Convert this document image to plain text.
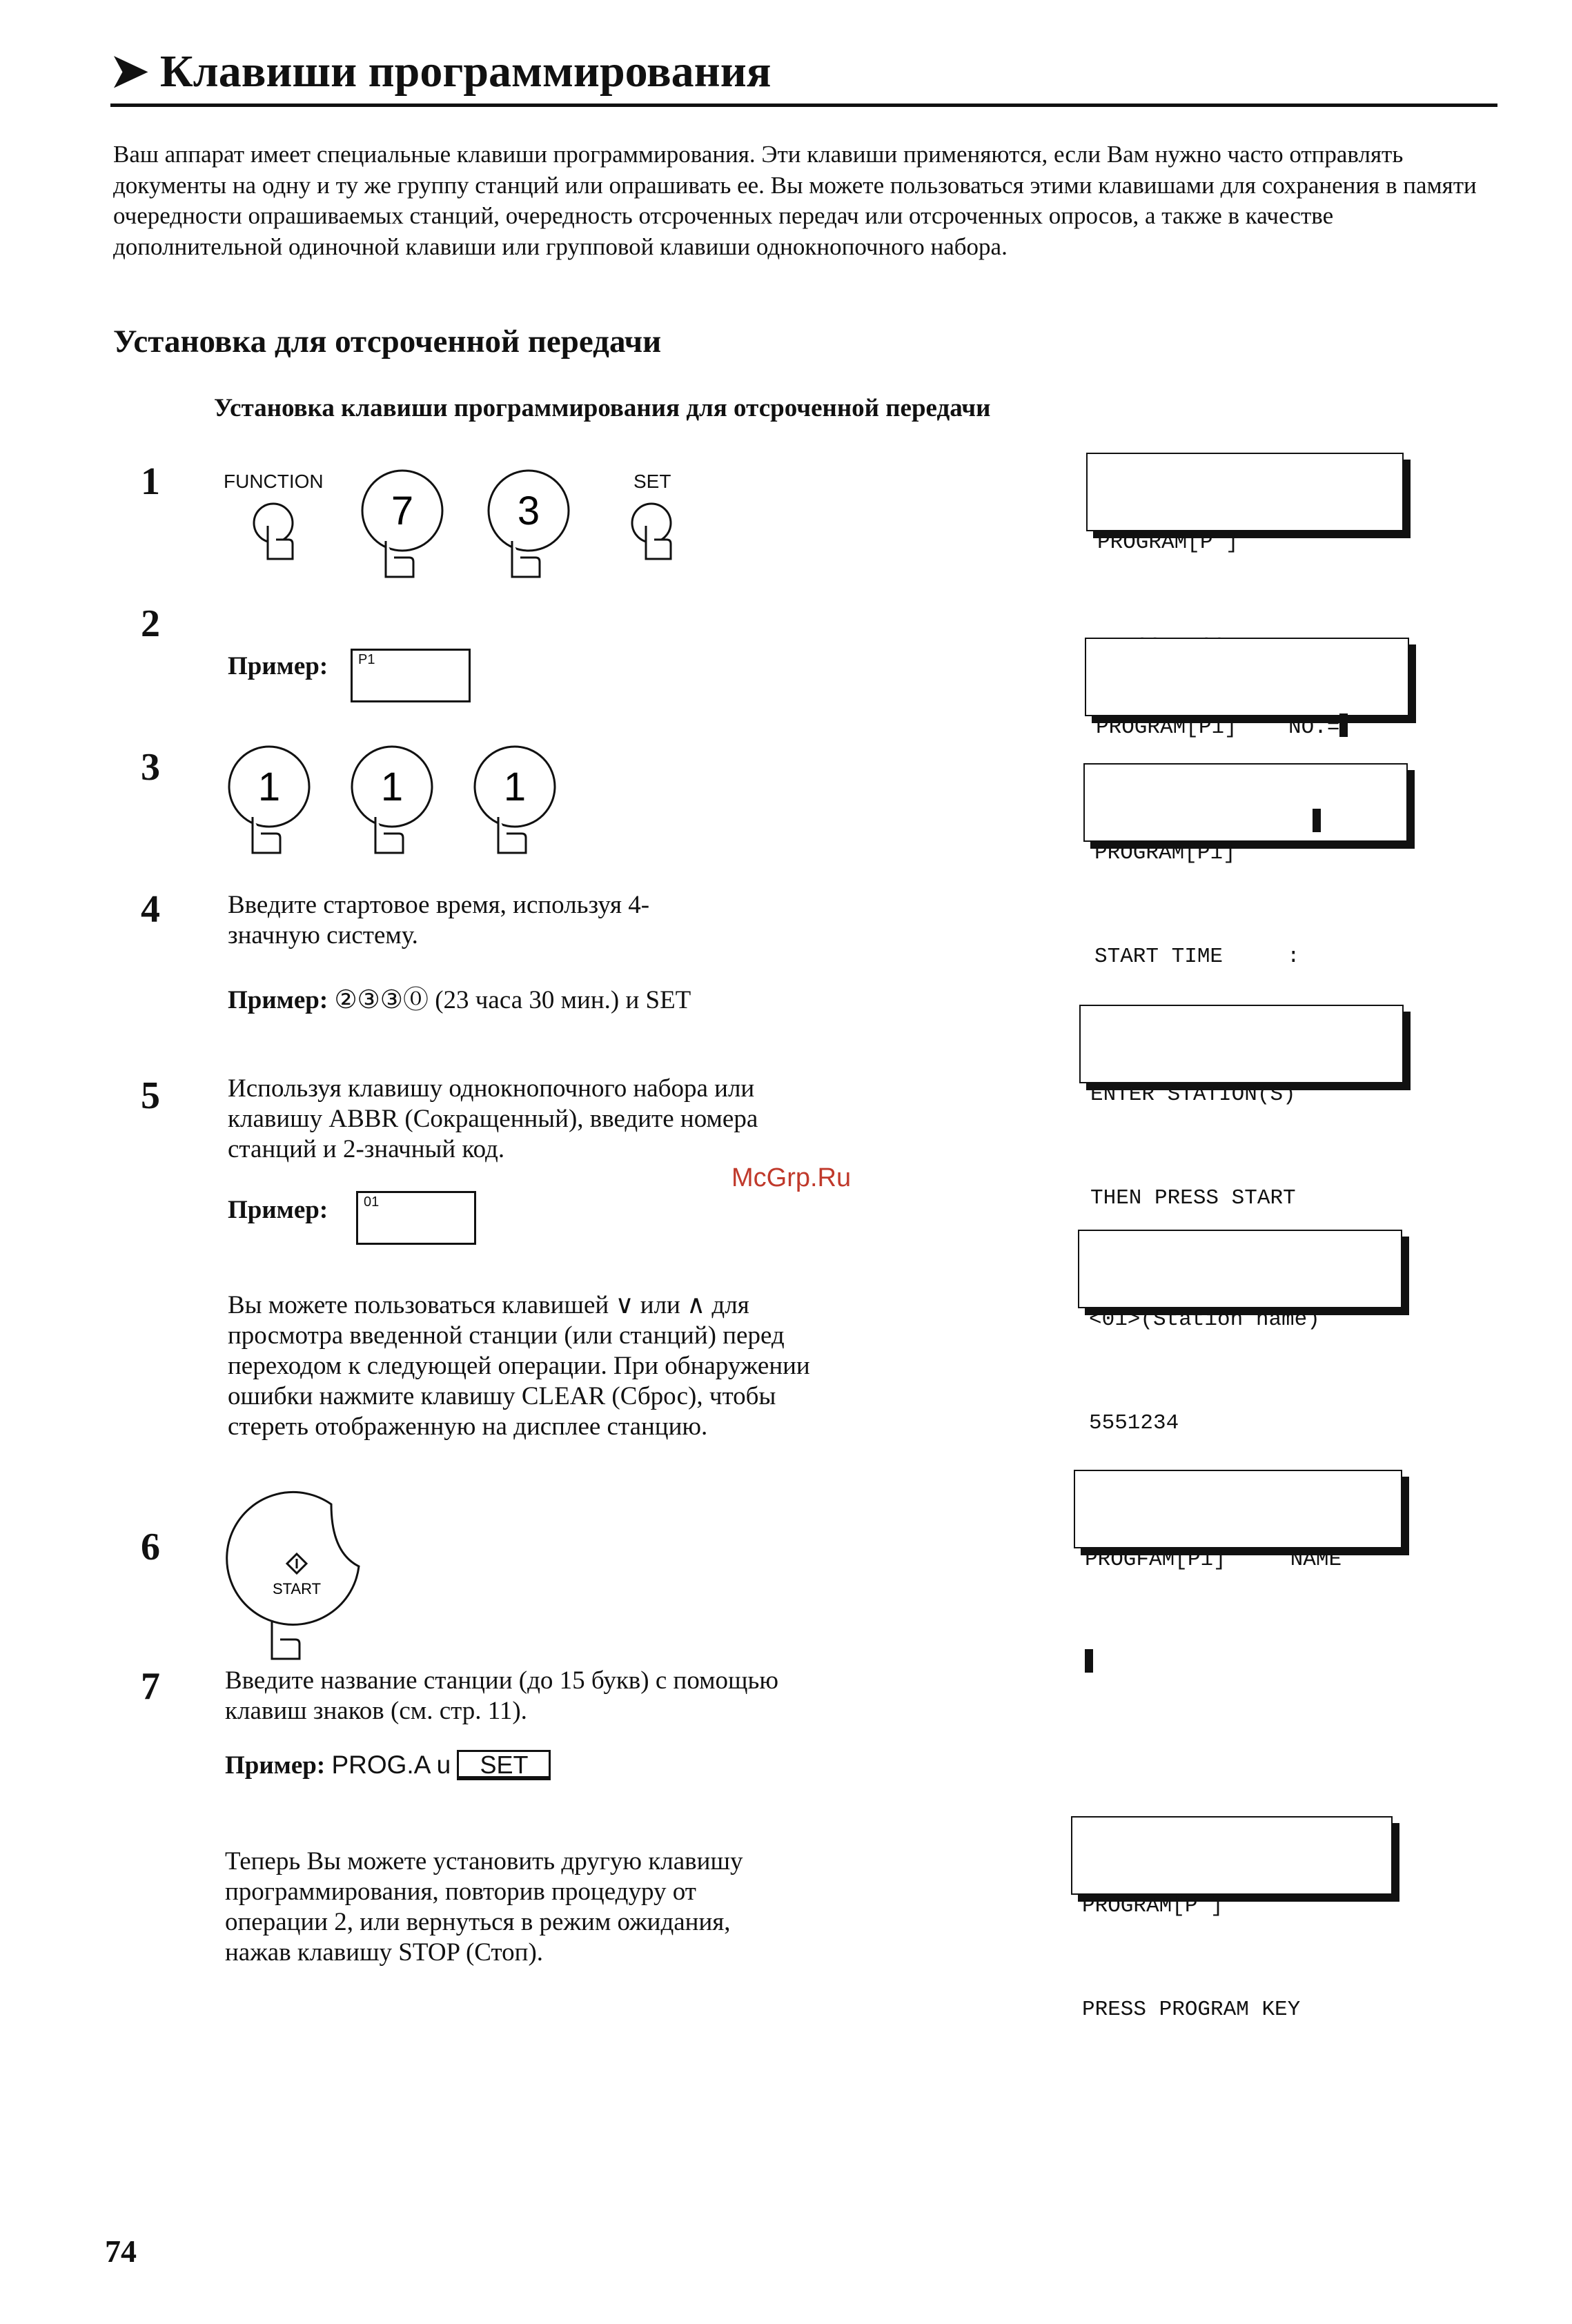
➤ Клавиши программирования
Ваш аппарат имеет специальные клавиши программирования. Эти клавиши применяются, если Вам нужно часто отправлять документы на одну и ту же группу станций или опрашивать ее. Вы можете пользоваться этими клавишами для сохранения в памяти очередности опрашиваемых станций, очередность отсроченных передач или отсроченных опросов, а также в качестве дополнительной одиночной клавиши или групповой клавиши однокнопочного набора.
Установка для отсроченной передачи
Установка клавиши программирования для отсроченной передачи
1	FUNCTION
7	3
SET
2
Пример:	P1
3	1	1	1
4	Введите стартовое время, используя 4-значную систему.
Пример: ②③③⓪ (23 часа 30 мин.) и SET
5	Используя клавишу однокнопочного набора или клавишу ABBR (Сокращенный), введите номера станций и 2-значный код.
Пример:	01
Вы можете пользоваться клавишей ∨ или ∧ для просмотра введенной станции (или станций) перед переходом к следующей операции. При обнаружении ошибки нажмите клавишу CLEAR (Сброс), чтобы стереть отображенную на дисплее станцию.
6
START
7	Введите название станции (до 15 букв) с помощью клавиш знаков (см. стр. 11).
Пример: PROG.A u SET
Теперь Вы можете установить другую клавишу программирования, повторив процедуру от операции 2, или вернуться в режим ожидания, нажав клавишу STOP (Стоп).

PROGRAM[P ]

PROGRAM[P1]    NO.=

PROGRAM[P1]

START TIME     :

ENTER STATION(S)

THEN PRESS START

<01>(Station name)

5551234

PROGFAM[P1]     NAME

PROGRAM[P ]

PRESS PROGRAM KEY

McGrp.Ru
74
